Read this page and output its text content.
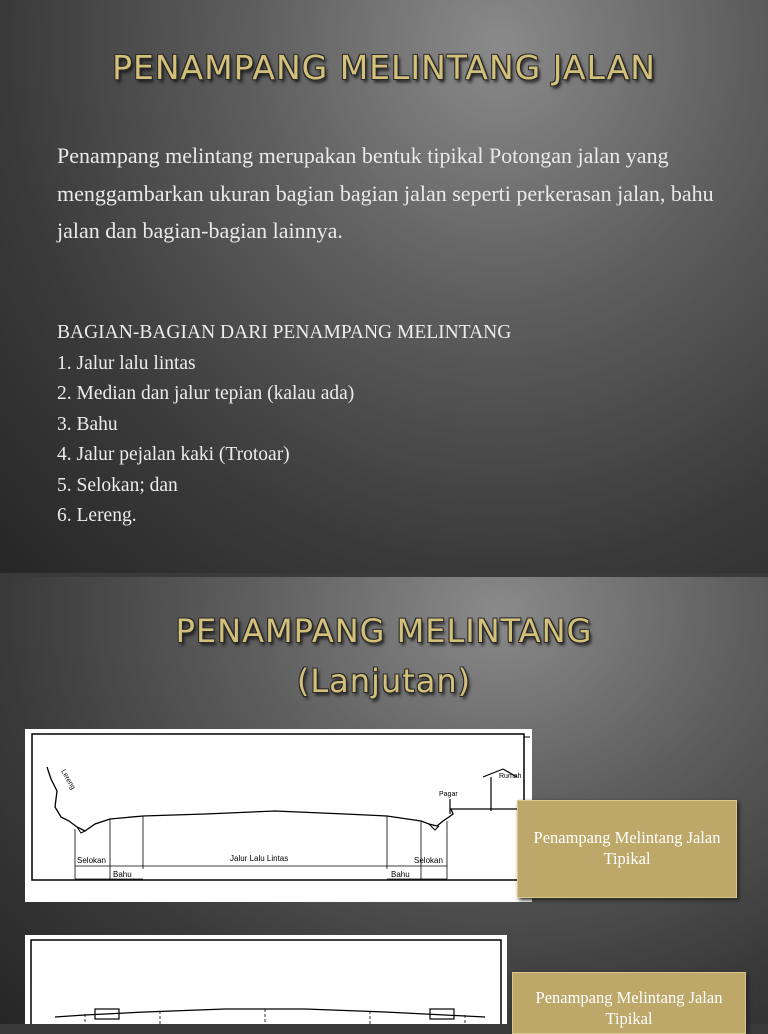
PENAMPANG MELINTANG JALAN
Penampang melintang merupakan bentuk tipikal Potongan jalan yang menggambarkan ukuran bagian bagian jalan seperti perkerasan jalan, bahu jalan dan bagian-bagian lainnya.
BAGIAN-BAGIAN DARI PENAMPANG MELINTANG
1. Jalur lalu lintas
2. Median dan jalur tepian (kalau ada)
3. Bahu
4. Jalur pejalan kaki (Trotoar)
5. Selokan; dan
6. Lereng.
PENAMPANG MELINTANG
(Lanjutan)
Lereng	Rumah
Pagar
Selokan	Selokan
Jalur Lalu Lintas
Bahu	Bahu
Penampang Melintang Jalan Tipikal
Penampang Melintang Jalan Tipikal
